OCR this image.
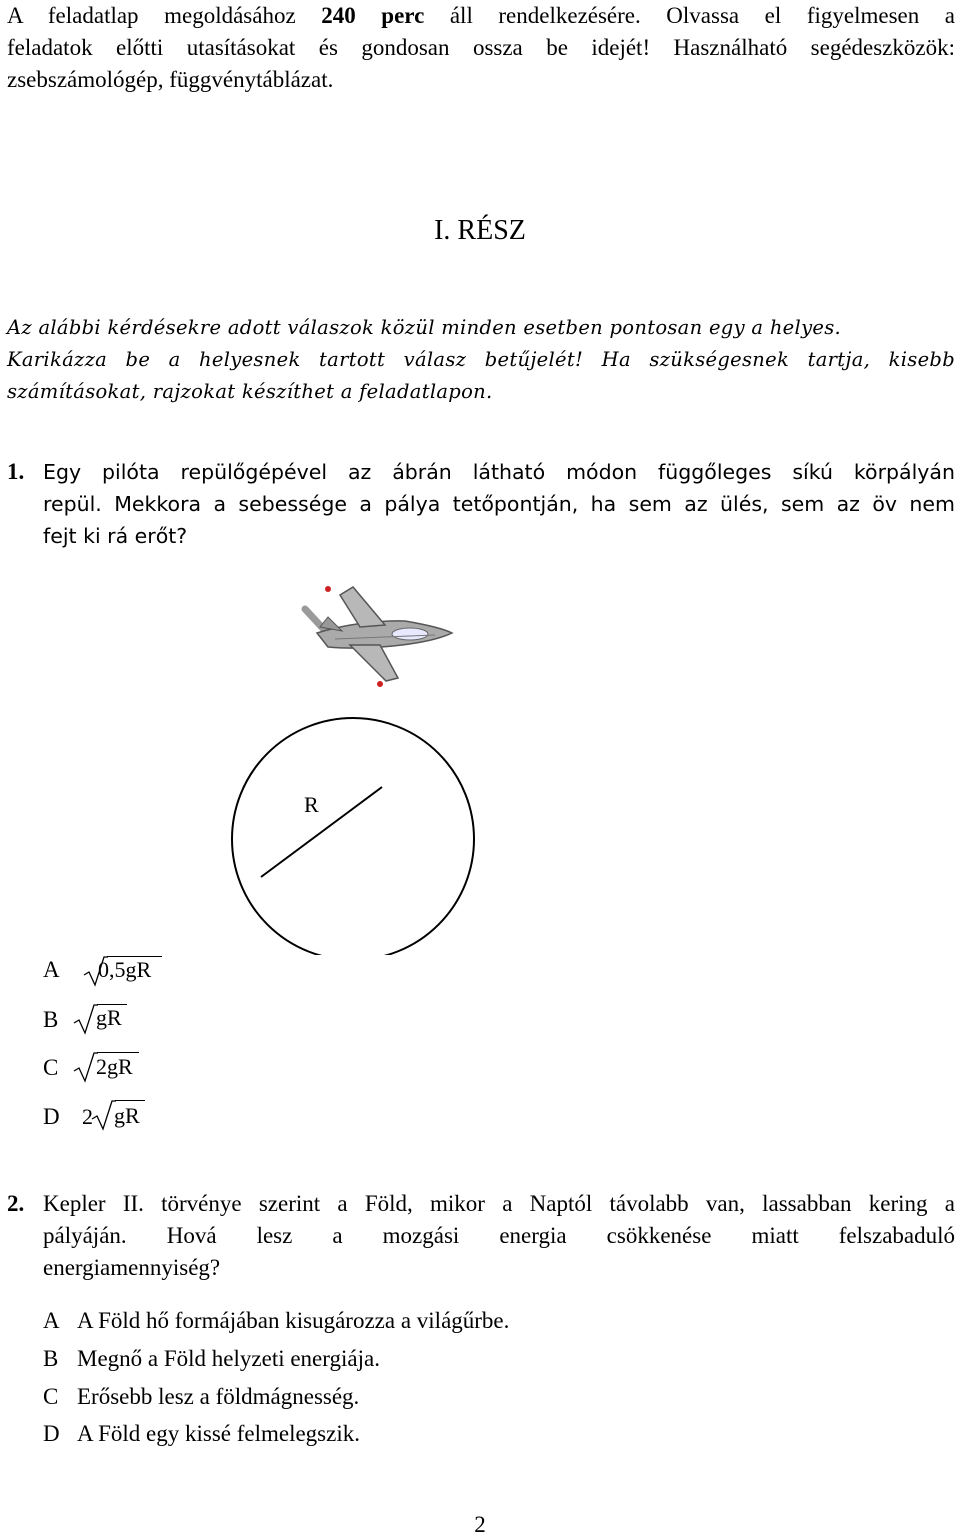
A feladatlap megoldásához 240 perc áll rendelkezésére. Olvassa el figyelmesen a
feladatok előtti utasításokat és gondosan ossza be idejét! Használható segédeszközök:
zsebszámológép, függvénytáblázat.
I. RÉSZ
Az alábbi kérdésekre adott válaszok közül minden esetben pontosan egy a helyes.
Karikázza be a helyesnek tartott válasz betűjelét! Ha szükségesnek tartja, kisebb
számításokat, rajzokat készíthet a feladatlapon.
1. Egy pilóta repülőgépével az ábrán látható módon függőleges síkú körpályán
repül. Mekkora a sebessége a pálya tetőpontján, ha sem az ülés, sem az öv nem
fejt ki rá erőt?
R
A 0,5gR
B gR
C 2gR
D 2 gR
2. Kepler II. törvénye szerint a Föld, mikor a Naptól távolabb van, lassabban kering a
pályáján. Hová lesz a mozgási energia csökkenése miatt felszabaduló
energiamennyiség?
A A Föld hő formájában kisugározza a világűrbe.
B Megnő a Föld helyzeti energiája.
C Erősebb lesz a földmágnesség.
D A Föld egy kissé felmelegszik.
2
